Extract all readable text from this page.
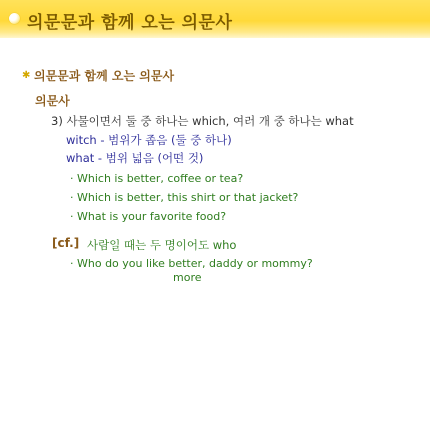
의문문과 함께 오는 의문사
✱ 의문문과 함께 오는 의문사
의문사
3) 사물이면서 둘 중 하나는 which, 여러 개 중 하나는 what
witch - 범위가 좁음 (둘 중 하나)
what - 범위 넓음 (어떤 것)
· Which is better, coffee or tea?
· Which is better, this shirt or that jacket?
· What is your favorite food?
[cf.] 사람일 때는 두 명이어도 who
· Who do you like better, daddy or mommy?
more
